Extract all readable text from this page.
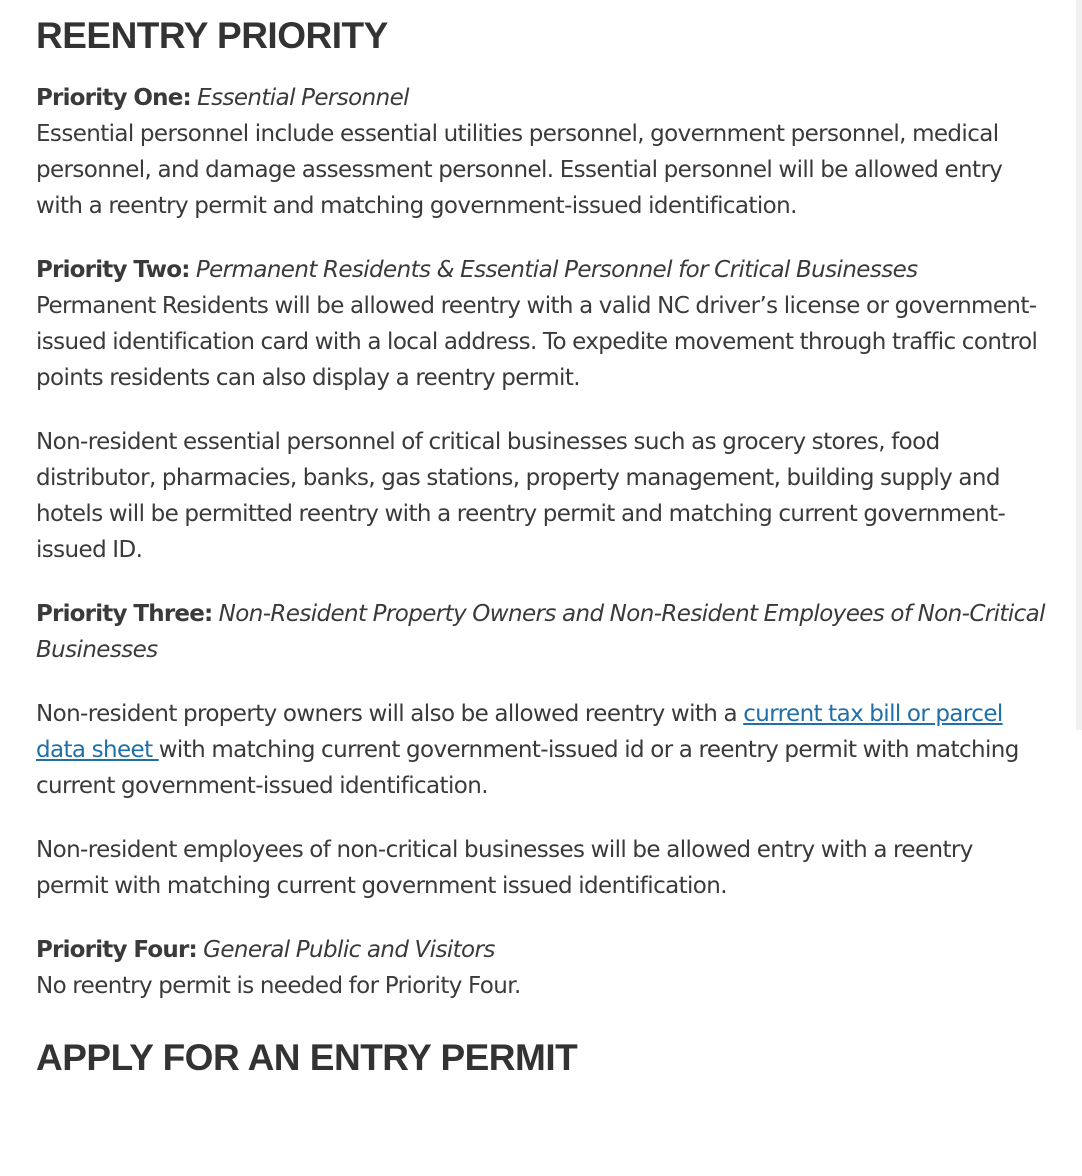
REENTRY PRIORITY

Priority One: Essential Personnel
Essential personnel include essential utilities personnel, government personnel, medical personnel, and damage assessment personnel. Essential personnel will be allowed entry with a reentry permit and matching government-issued identification.

Priority Two: Permanent Residents & Essential Personnel for Critical Businesses
Permanent Residents will be allowed reentry with a valid NC driver’s license or government-issued identification card with a local address. To expedite movement through traffic control points residents can also display a reentry permit.

Non-resident essential personnel of critical businesses such as grocery stores, food distributor, pharmacies, banks, gas stations, property management, building supply and hotels will be permitted reentry with a reentry permit and matching current government-issued ID.

Priority Three: Non-Resident Property Owners and Non-Resident Employees of Non-Critical Businesses

Non-resident property owners will also be allowed reentry with a current tax bill or parcel data sheet with matching current government-issued id or a reentry permit with matching current government-issued identification.

Non-resident employees of non-critical businesses will be allowed entry with a reentry permit with matching current government issued identification.

Priority Four: General Public and Visitors
No reentry permit is needed for Priority Four.

APPLY FOR AN ENTRY PERMIT
